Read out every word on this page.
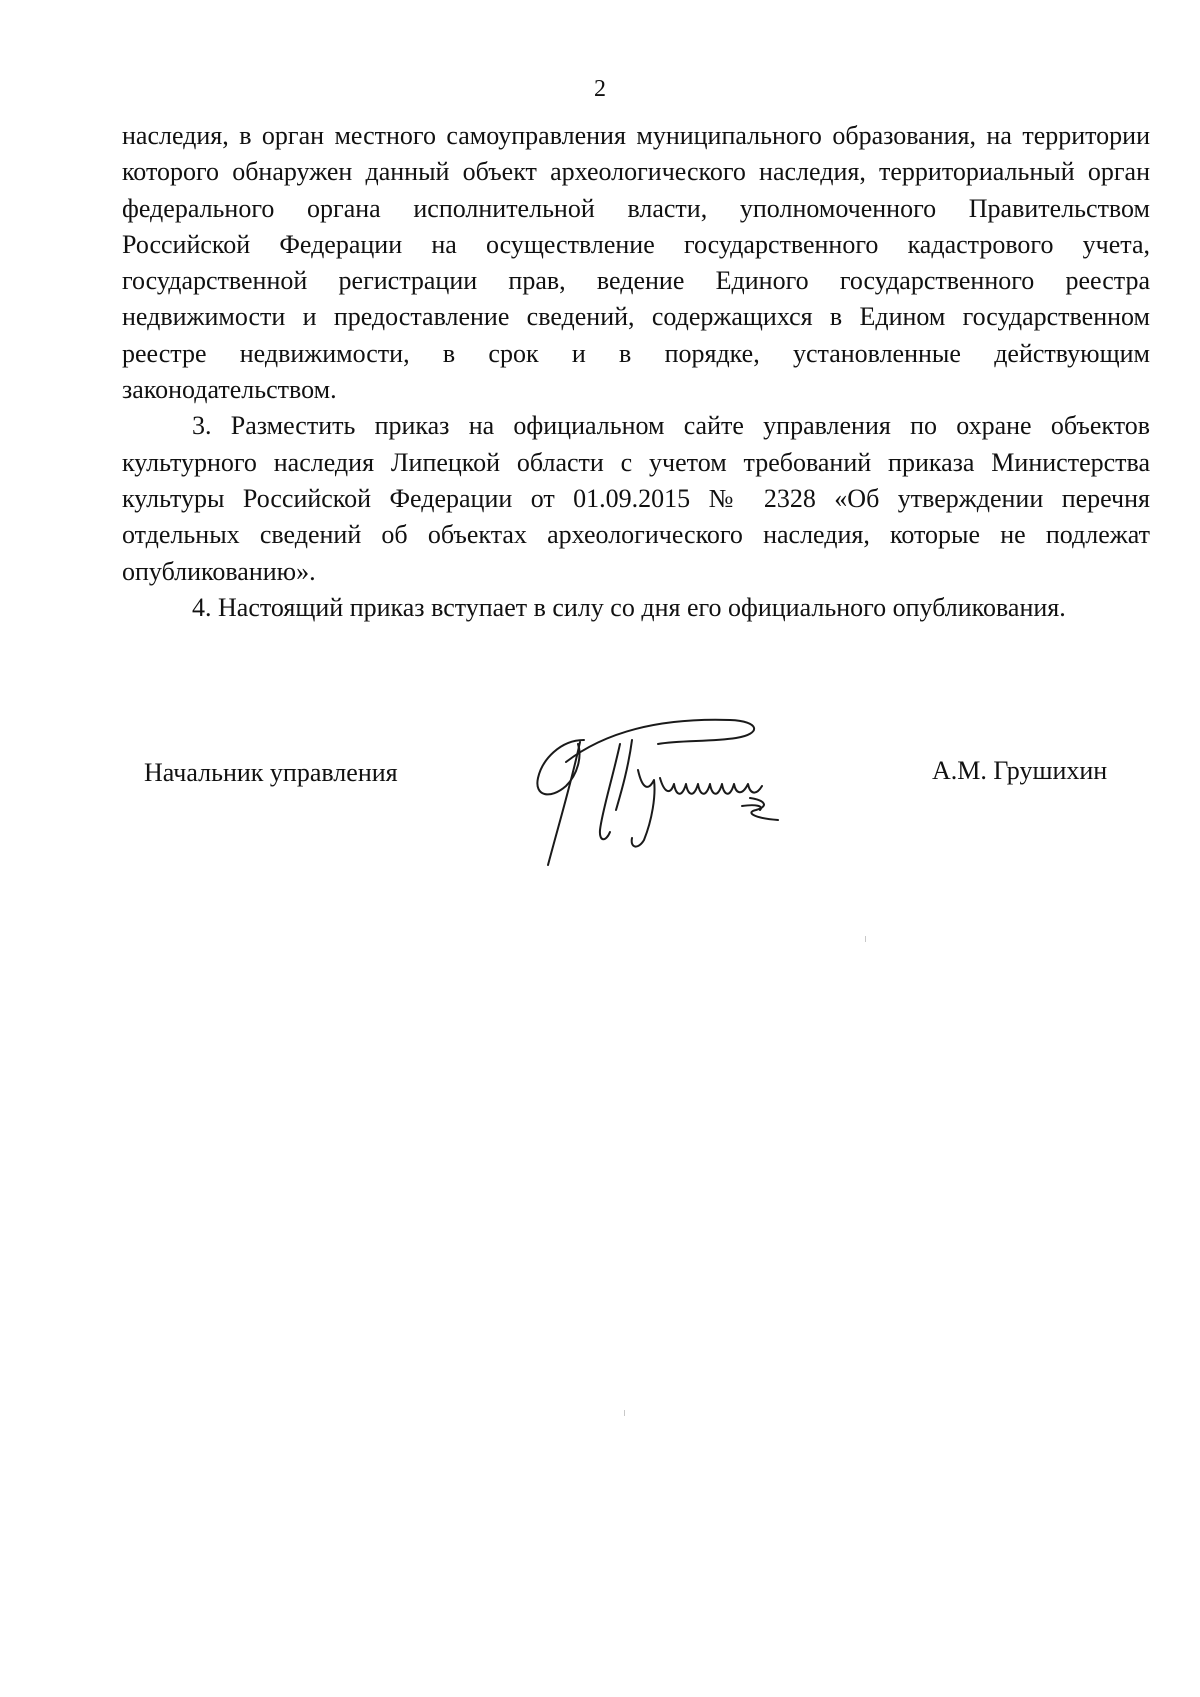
2

наследия, в орган местного самоуправления муниципального образования, на территории которого обнаружен данный объект археологического наследия, территориальный орган федерального органа исполнительной власти, уполномоченного Правительством Российской Федерации на осуществление государственного кадастрового учета, государственной регистрации прав, ведение Единого государственного реестра недвижимости и предоставление сведений, содержащихся в Едином государственном реестре недвижимости, в срок и в порядке, установленные действующим законодательством.

3. Разместить приказ на официальном сайте управления по охране объектов культурного наследия Липецкой области с учетом требований приказа Министерства культуры Российской Федерации от 01.09.2015 № 2328 «Об утверждении перечня отдельных сведений об объектах археологического наследия, которые не подлежат опубликованию».

4. Настоящий приказ вступает в силу со дня его официального опубликования.

Начальник управления	А.М. Грушихин
